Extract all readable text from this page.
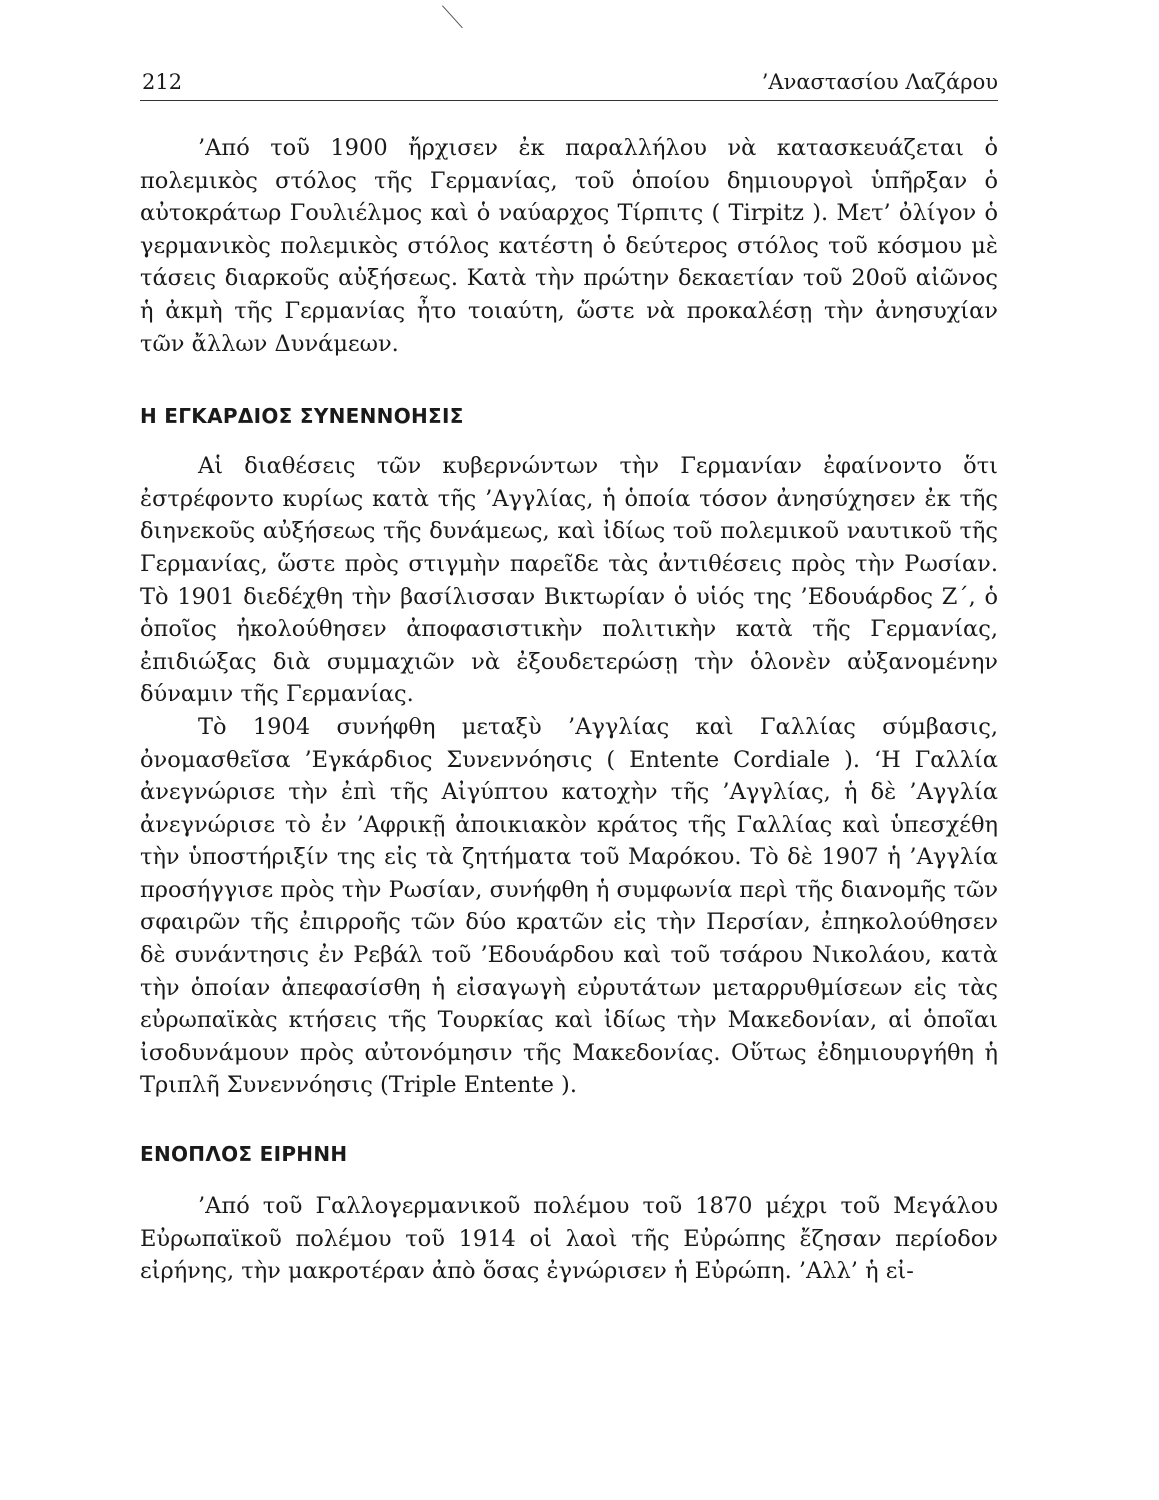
212	’Αναστασίου Λαζάρου

’Από τοῦ 1900 ἤρχισεν ἐκ παραλλήλου νὰ κατασκευάζεται ὁ πολεμικὸς στόλος τῆς Γερμανίας, τοῦ ὁποίου δημιουργοὶ ὑπῆρξαν ὁ αὐτοκράτωρ Γουλιέλμος καὶ ὁ ναύαρχος Τίρπιτς ( Tirpitz ). Μετ’ ὀλίγον ὁ γερμανικὸς πολεμικὸς στόλος κατέστη ὁ δεύτερος στόλος τοῦ κόσμου μὲ τάσεις διαρκοῦς αὐξήσεως. Κατὰ τὴν πρώτην δεκαετίαν τοῦ 20οῦ αἰῶνος ἡ ἀκμὴ τῆς Γερμανίας ἦτο τοιαύτη, ὥστε νὰ προκαλέσῃ τὴν ἀνησυχίαν τῶν ἄλλων Δυνάμεων.

Η ΕΓΚΑΡΔΙΟΣ ΣΥΝΕΝΝΟΗΣΙΣ

Αἱ διαθέσεις τῶν κυβερνώντων τὴν Γερμανίαν ἐφαίνοντο ὅτι ἐστρέφοντο κυρίως κατὰ τῆς ’Αγγλίας, ἡ ὁποία τόσον ἀνησύχησεν ἐκ τῆς διηνεκοῦς αὐξήσεως τῆς δυνάμεως, καὶ ἰδίως τοῦ πολεμικοῦ ναυτικοῦ τῆς Γερμανίας, ὥστε πρὸς στιγμὴν παρεῖδε τὰς ἀντιθέσεις πρὸς τὴν Ρωσίαν. Τὸ 1901 διεδέχθη τὴν βασίλισσαν Βικτωρίαν ὁ υἱός της ’Εδουάρδος Ζ΄, ὁ ὁποῖος ἠκολούθησεν ἀποφασιστικὴν πολιτικὴν κατὰ τῆς Γερμανίας, ἐπιδιώξας διὰ συμμαχιῶν νὰ ἐξουδετερώσῃ τὴν ὁλονὲν αὐξανομένην δύναμιν τῆς Γερμανίας.

Τὸ 1904 συνήφθη μεταξὺ ’Αγγλίας καὶ Γαλλίας σύμβασις, ὀνομασθεῖσα ’Εγκάρδιος Συνεννόησις ( Entente Cordiale ). ‘Η Γαλλία ἀνεγνώρισε τὴν ἐπὶ τῆς Αἰγύπτου κατοχὴν τῆς ’Αγγλίας, ἡ δὲ ’Αγγλία ἀνεγνώρισε τὸ ἐν ’Αφρικῇ ἀποικιακὸν κράτος τῆς Γαλλίας καὶ ὑπεσχέθη τὴν ὑποστήριξίν της εἰς τὰ ζητήματα τοῦ Μαρόκου. Τὸ δὲ 1907 ἡ ’Αγγλία προσήγγισε πρὸς τὴν Ρωσίαν, συνήφθη ἡ συμφωνία περὶ τῆς διανομῆς τῶν σφαιρῶν τῆς ἐπιρροῆς τῶν δύο κρατῶν εἰς τὴν Περσίαν, ἐπηκολούθησεν δὲ συνάντησις ἐν Ρεβάλ τοῦ ’Εδουάρδου καὶ τοῦ τσάρου Νικολάου, κατὰ τὴν ὁποίαν ἀπεφασίσθη ἡ εἰσαγωγὴ εὐρυτάτων μεταρρυθμίσεων εἰς τὰς εὐρωπαϊκὰς κτήσεις τῆς Τουρκίας καὶ ἰδίως τὴν Μακεδονίαν, αἱ ὁποῖαι ἰσοδυνάμουν πρὸς αὐτονόμησιν τῆς Μακεδονίας. Οὕτως ἐδημιουργήθη ἡ Τριπλῆ Συνεννόησις (Triple Entente ).

ΕΝΟΠΛΟΣ ΕΙΡΗΝΗ

’Από τοῦ Γαλλογερμανικοῦ πολέμου τοῦ 1870 μέχρι τοῦ Μεγάλου Εὐρωπαϊκοῦ πολέμου τοῦ 1914 οἱ λαοὶ τῆς Εὐρώπης ἔζησαν περίοδον εἰρήνης, τὴν μακροτέραν ἀπὸ ὅσας ἐγνώρισεν ἡ Εὐρώπη. ’Αλλ’ ἡ εἰ-
